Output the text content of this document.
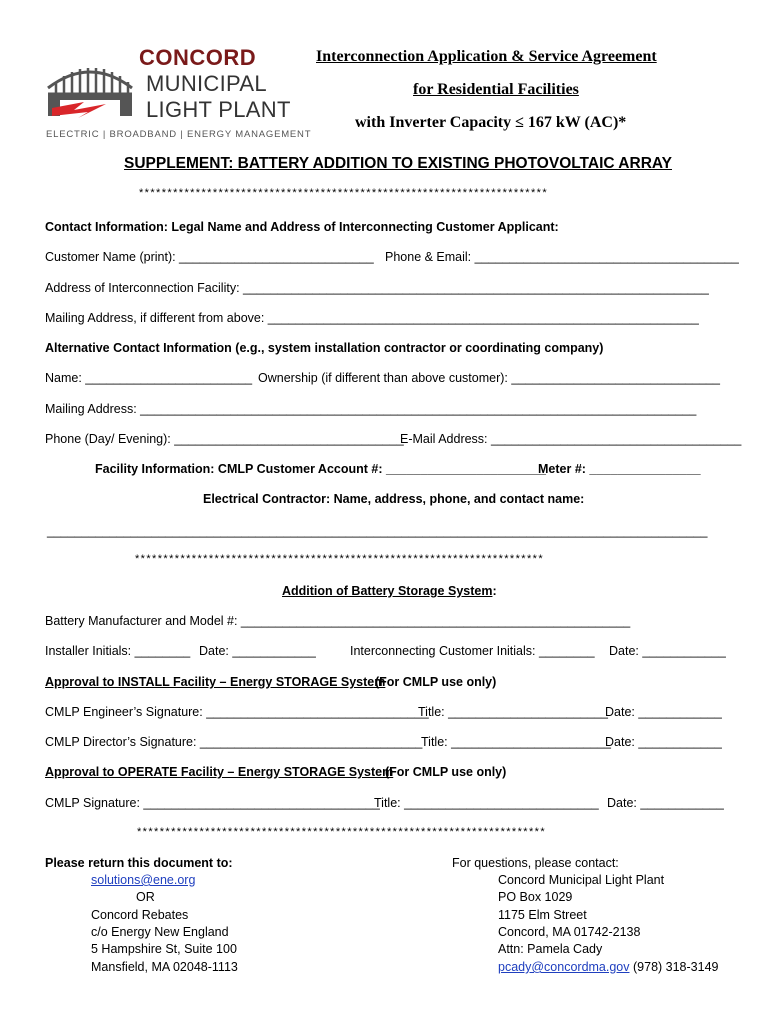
CONCORD
MUNICIPAL
LIGHT PLANT
ELECTRIC | BROADBAND | ENERGY MANAGEMENT
Interconnection Application & Service Agreement
for Residential Facilities
with Inverter Capacity ≤ 167 kW (AC)*
SUPPLEMENT: BATTERY ADDITION TO EXISTING PHOTOVOLTAIC ARRAY
************************************************************************
Contact Information: Legal Name and Address of Interconnecting Customer Applicant:
Customer Name (print): ____________________________ Phone & Email: ______________________________________
Address of Interconnection Facility: ___________________________________________________________________
Mailing Address, if different from above: ______________________________________________________________
Alternative Contact Information (e.g., system installation contractor or coordinating company)
Name: ________________________ Ownership (if different than above customer): ______________________________
Mailing Address: ________________________________________________________________________________
Phone (Day/ Evening): _________________________________
E-Mail Address: ____________________________________
Facility Information: CMLP Customer Account #: _______________________
Meter #: ________________
Electrical Contractor: Name, address, phone, and contact name:
_______________________________________________________________________________________________
************************************************************************
Addition of Battery Storage System:
Battery Manufacturer and Model #: ________________________________________________________
Installer Initials: ________ Date: ____________	Interconnecting Customer Initials: ________ Date: ____________
Approval to INSTALL Facility – Energy STORAGE System
(For CMLP use only)
CMLP Engineer’s Signature: ________________________________
Title: _______________________
Date: ____________
CMLP Director’s Signature: ________________________________
Title: _______________________
Date: ____________
Approval to OPERATE Facility – Energy STORAGE System
(For CMLP use only)
CMLP Signature: __________________________________
Title: ____________________________ Date: ____________
************************************************************************
Please return this document to:
solutions@ene.org
OR
Concord Rebates
c/o Energy New England
5 Hampshire St, Suite 100
Mansfield, MA 02048-1113
For questions, please contact:
Concord Municipal Light Plant
PO Box 1029
1175 Elm Street
Concord, MA 01742-2138
Attn: Pamela Cady
pcady@concordma.gov (978) 318-3149
